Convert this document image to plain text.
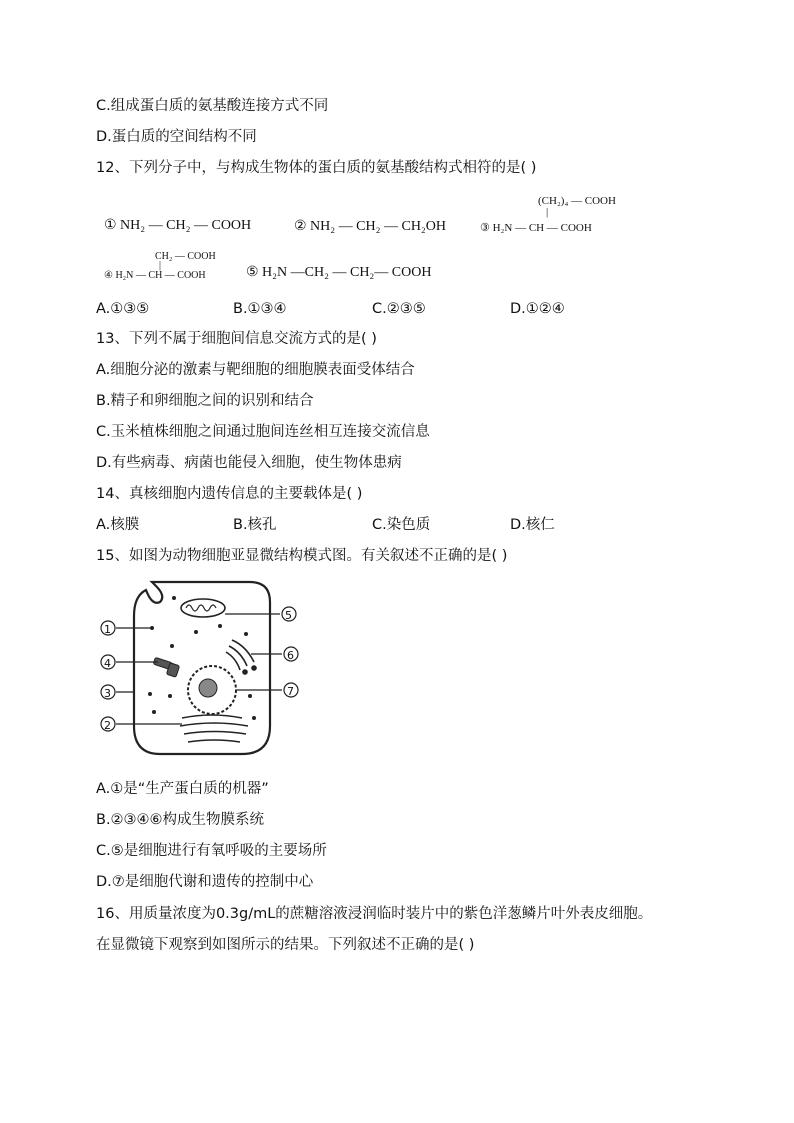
C.组成蛋白质的氨基酸连接方式不同
D.蛋白质的空间结构不同
12、下列分子中，与构成生物体的蛋白质的氨基酸结构式相符的是( )
① NH₂ — CH₂ — COOH	② NH₂ — CH₂ — CH₂OH
(CH₂)₄ — COOH
|
③ H₂N — CH — COOH
CH₂ — COOH
|
④ H₂N — CH — COOH	⑤ H₂N —CH₂ — CH₂— COOH
A.①③⑤	B.①③④	C.②③⑤	D.①②④
13、下列不属于细胞间信息交流方式的是( )
A.细胞分泌的激素与靶细胞的细胞膜表面受体结合
B.精子和卵细胞之间的识别和结合
C.玉米植株细胞之间通过胞间连丝相互连接交流信息
D.有些病毒、病菌也能侵入细胞，使生物体患病
14、真核细胞内遗传信息的主要载体是( )
A.核膜	B.核孔	C.染色质	D.核仁
15、如图为动物细胞亚显微结构模式图。有关叙述不正确的是( )
1
4
3
2
5
6
7
A.①是“生产蛋白质的机器”
B.②③④⑥构成生物膜系统
C.⑤是细胞进行有氧呼吸的主要场所
D.⑦是细胞代谢和遗传的控制中心
16、用质量浓度为0.3g/mL的蔗糖溶液浸润临时装片中的紫色洋葱鳞片叶外表皮细胞。
在显微镜下观察到如图所示的结果。下列叙述不正确的是( )
